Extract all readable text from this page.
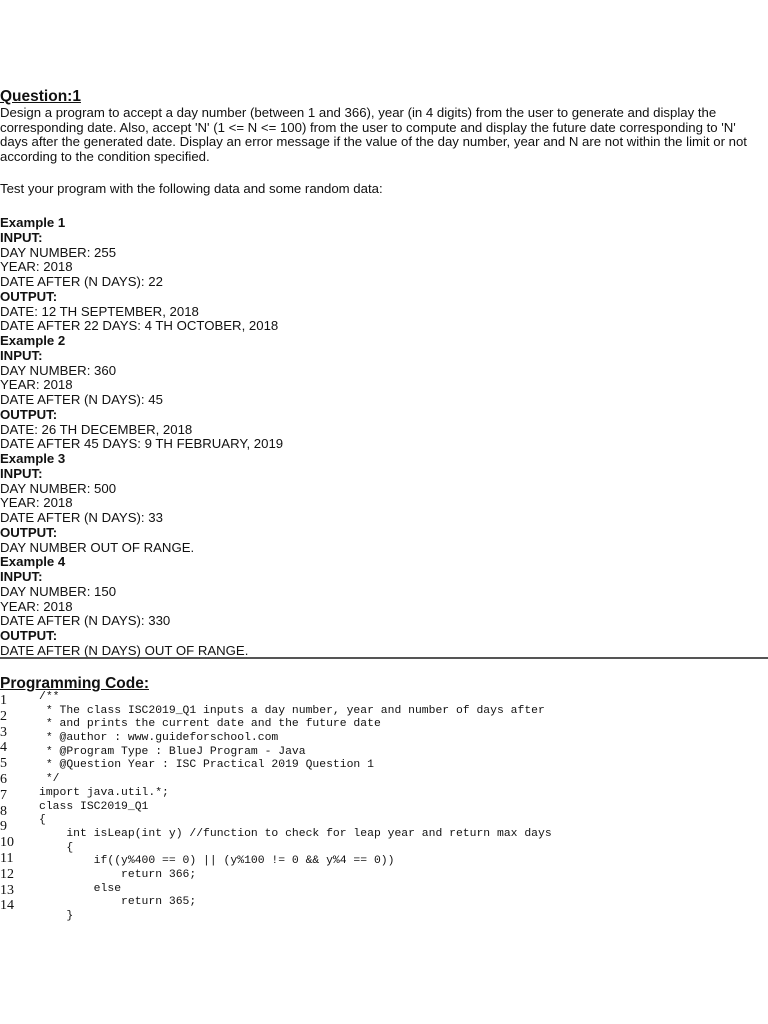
Question:1
Design a program to accept a day number (between 1 and 366), year (in 4 digits) from the user to generate and display the corresponding date. Also, accept 'N' (1 <= N <= 100) from the user to compute and display the future date corresponding to 'N' days after the generated date. Display an error message if the value of the day number, year and N are not within the limit or not according to the condition specified.
Test your program with the following data and some random data:
Example 1
INPUT:
DAY NUMBER: 255
YEAR: 2018
DATE AFTER (N DAYS): 22
OUTPUT:
DATE: 12 TH SEPTEMBER, 2018
DATE AFTER 22 DAYS: 4 TH OCTOBER, 2018
Example 2
INPUT:
DAY NUMBER: 360
YEAR: 2018
DATE AFTER (N DAYS): 45
OUTPUT:
DATE: 26 TH DECEMBER, 2018
DATE AFTER 45 DAYS: 9 TH FEBRUARY, 2019
Example 3
INPUT:
DAY NUMBER: 500
YEAR: 2018
DATE AFTER (N DAYS): 33
OUTPUT:
DAY NUMBER OUT OF RANGE.
Example 4
INPUT:
DAY NUMBER: 150
YEAR: 2018
DATE AFTER (N DAYS): 330
OUTPUT:
DATE AFTER (N DAYS) OUT OF RANGE.
Programming Code:
1
2
3
4
5
6
7
8
9
10
11
12
13
14
/**
* The class ISC2019_Q1 inputs a day number, year and number of days after
* and prints the current date and the future date
* @author : www.guideforschool.com
* @Program Type : BlueJ Program - Java
* @Question Year : ISC Practical 2019 Question 1
*/
import java.util.*;
class ISC2019_Q1
{
int isLeap(int y) //function to check for leap year and return max days
{
if((y%400 == 0) || (y%100 != 0 && y%4 == 0))
return 366;
else
return 365;
}
